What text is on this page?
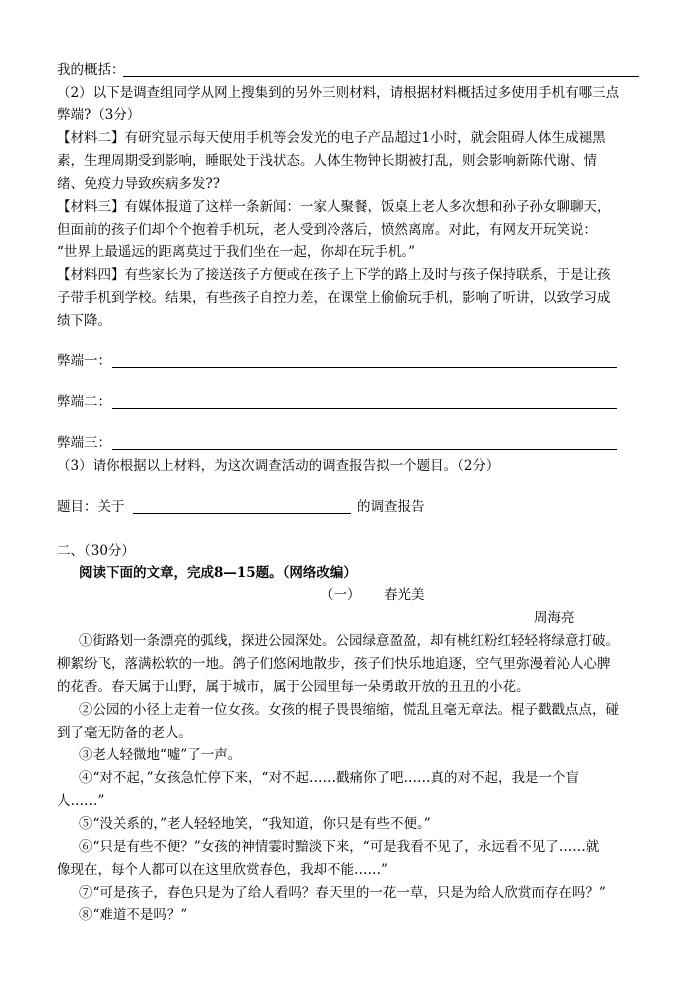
我的概括：
（2）以下是调查组同学从网上搜集到的另外三则材料，请根据材料概括过多使用手机有哪三点
弊端?（3分）
【材料二】有研究显示每天使用手机等会发光的电子产品超过1小时，就会阻碍人体生成褪黑
素，生理周期受到影响，睡眠处于浅状态。人体生物钟长期被打乱，则会影响新陈代谢、情
绪、免疫力导致疾病多发??
【材料三】有媒体报道了这样一条新闻：一家人聚餐，饭桌上老人多次想和孙子孙女聊聊天，
但面前的孩子们却个个抱着手机玩，老人受到冷落后，愤然离席。对此，有网友开玩笑说：
“世界上最遥远的距离莫过于我们坐在一起，你却在玩手机。”
【材料四】有些家长为了接送孩子方便或在孩子上下学的路上及时与孩子保持联系，于是让孩
子带手机到学校。结果，有些孩子自控力差，在课堂上偷偷玩手机，影响了听讲，以致学习成
绩下降。
弊端一：
弊端二：
弊端三：
（3）请你根据以上材料，为这次调查活动的调查报告拟一个题目。（2分）
题目：关于	的调查报告
二、（30分）
阅读下面的文章，完成8—15题。（网络改编）
（一） 春光美
周海亮
①街路划一条漂亮的弧线，探进公园深处。公园绿意盈盈，却有桃红粉红轻轻将绿意打破。
柳絮纷飞，落满松软的一地。鸽子们悠闲地散步，孩子们快乐地追逐，空气里弥漫着沁人心脾
的花香。春天属于山野，属于城市，属于公园里每一朵勇敢开放的丑丑的小花。
②公园的小径上走着一位女孩。女孩的棍子畏畏缩缩，慌乱且毫无章法。棍子戳戳点点，碰
到了毫无防备的老人。
③老人轻微地“嘘”了一声。
④“对不起，”女孩急忙停下来，“对不起……戳痛你了吧……真的对不起，我是一个盲
人……”
⑤“没关系的，”老人轻轻地笑，“我知道，你只是有些不便。”
⑥“只是有些不便？”女孩的神情霎时黯淡下来，“可是我看不见了，永远看不见了……就
像现在，每个人都可以在这里欣赏春色，我却不能……”
⑦“可是孩子，春色只是为了给人看吗？春天里的一花一草，只是为给人欣赏而存在吗？”
⑧“难道不是吗？”
